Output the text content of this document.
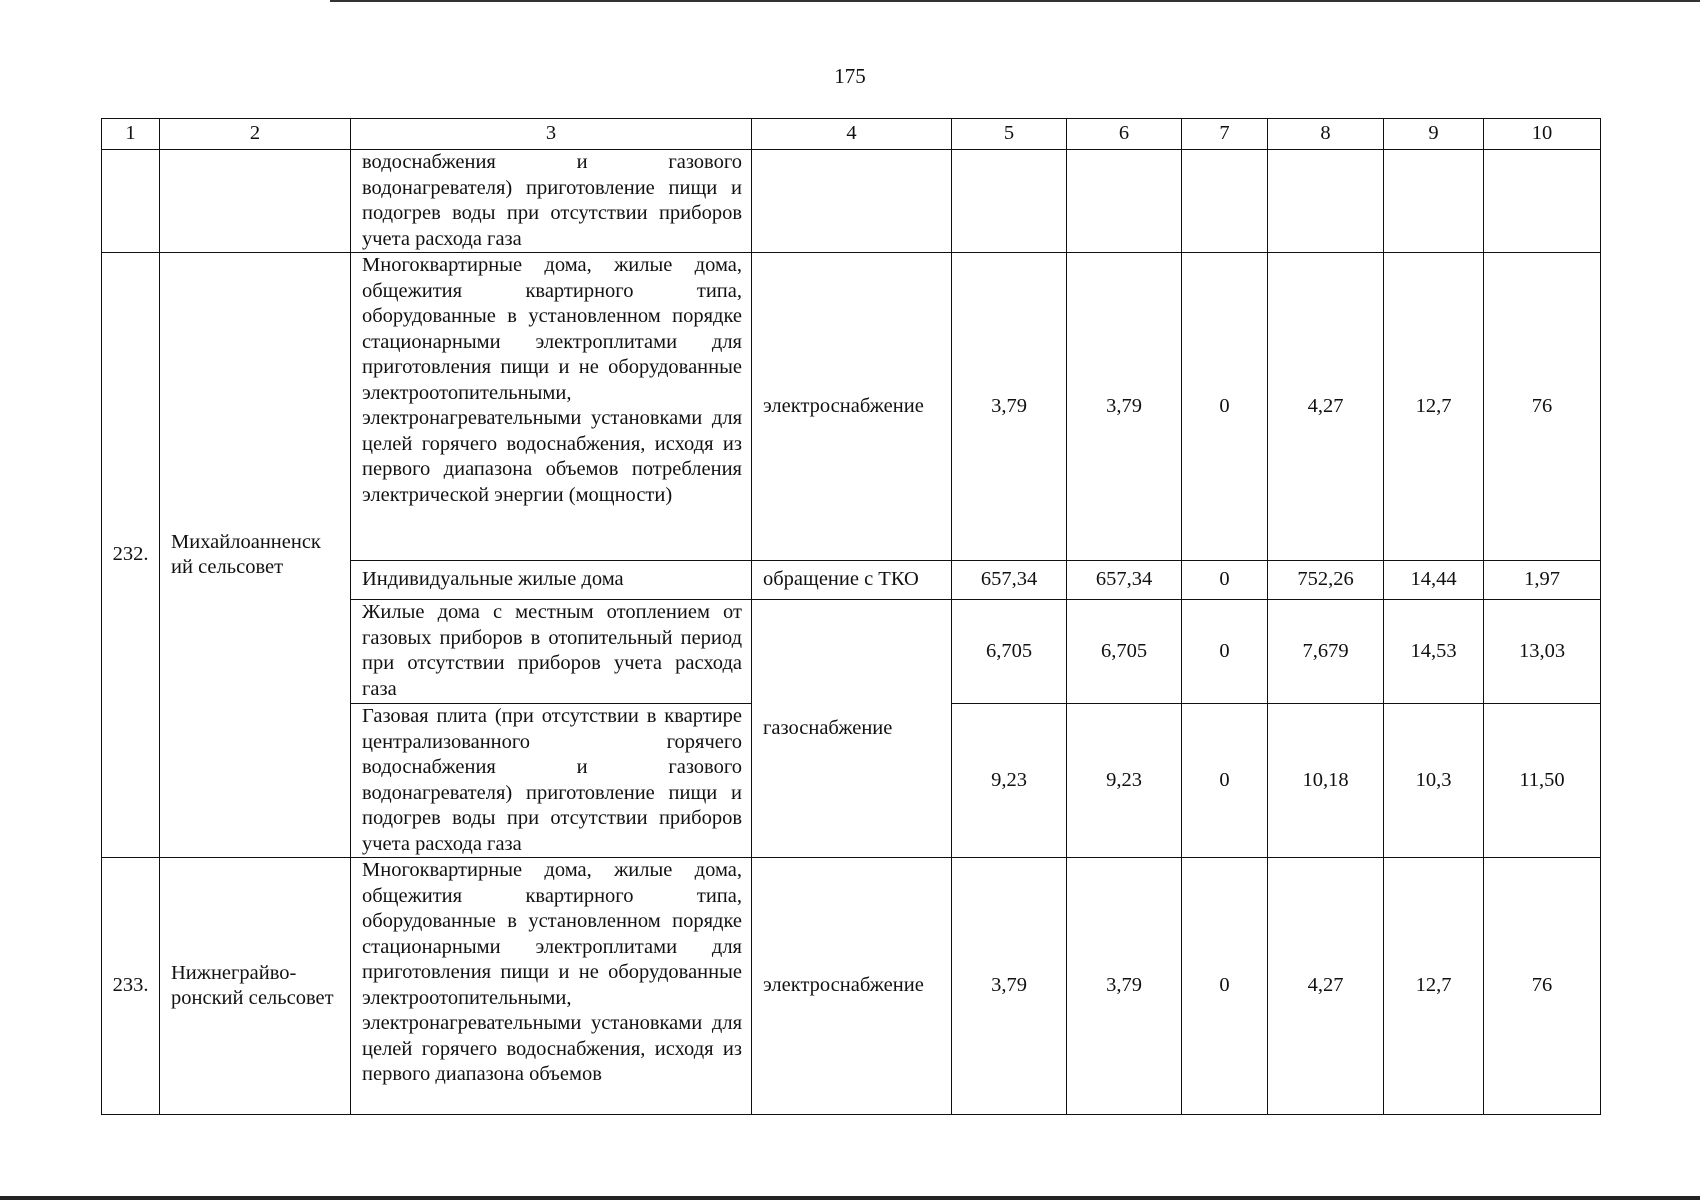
175
1	2	3	4	5	6	7	8	9	10
		водоснабжения и газового водонагревателя) приготовление пищи и подогрев воды при отсутствии приборов учета расхода газа							
232.	Михайлоанненск ий сельсовет	Многоквартирные дома, жилые дома, общежития квартирного типа, оборудованные в установленном порядке стационарными электроплитами для приготовления пищи и не оборудованные электроотопительными, электронагревательными установками для целей горячего водоснабжения, исходя из первого диапазона объемов потребления электрической энергии (мощности)	электроснабжение	3,79	3,79	0	4,27	12,7	76
		Индивидуальные жилые дома	обращение с ТКО	657,34	657,34	0	752,26	14,44	1,97
		Жилые дома с местным отоплением от газовых приборов в отопительный период при отсутствии приборов учета расхода газа	газоснабжение	6,705	6,705	0	7,679	14,53	13,03
		Газовая плита (при отсутствии в квартире централизованного горячего водоснабжения и газового водонагревателя) приготовление пищи и подогрев воды при отсутствии приборов учета расхода газа		9,23	9,23	0	10,18	10,3	11,50
233.	Нижнеграйво- ронский сельсовет	Многоквартирные дома, жилые дома, общежития квартирного типа, оборудованные в установленном порядке стационарными электроплитами для приготовления пищи и не оборудованные электроотопительными, электронагревательными установками для целей горячего водоснабжения, исходя из первого диапазона объемов	электроснабжение	3,79	3,79	0	4,27	12,7	76
